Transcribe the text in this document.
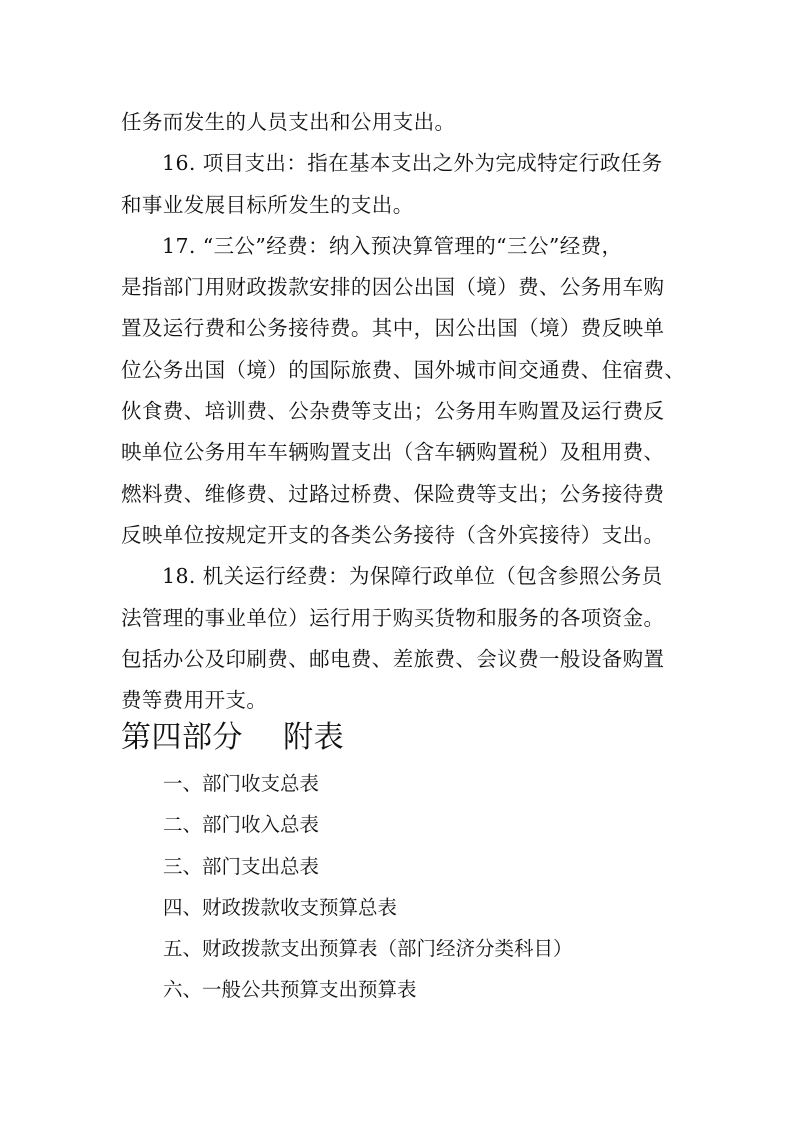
任务而发生的人员支出和公用支出。
16. 项目支出：指在基本支出之外为完成特定行政任务
和事业发展目标所发生的支出。
17. “三公”经费：纳入预决算管理的“三公”经费，
是指部门用财政拨款安排的因公出国（境）费、公务用车购
置及运行费和公务接待费。其中，因公出国（境）费反映单
位公务出国（境）的国际旅费、国外城市间交通费、住宿费、
伙食费、培训费、公杂费等支出；公务用车购置及运行费反
映单位公务用车车辆购置支出（含车辆购置税）及租用费、
燃料费、维修费、过路过桥费、保险费等支出；公务接待费
反映单位按规定开支的各类公务接待（含外宾接待）支出。
18. 机关运行经费：为保障行政单位（包含参照公务员
法管理的事业单位）运行用于购买货物和服务的各项资金。
包括办公及印刷费、邮电费、差旅费、会议费一般设备购置
费等费用开支。
第四部分    附表
一、部门收支总表
二、部门收入总表
三、部门支出总表
四、财政拨款收支预算总表
五、财政拨款支出预算表（部门经济分类科目）
六、一般公共预算支出预算表
